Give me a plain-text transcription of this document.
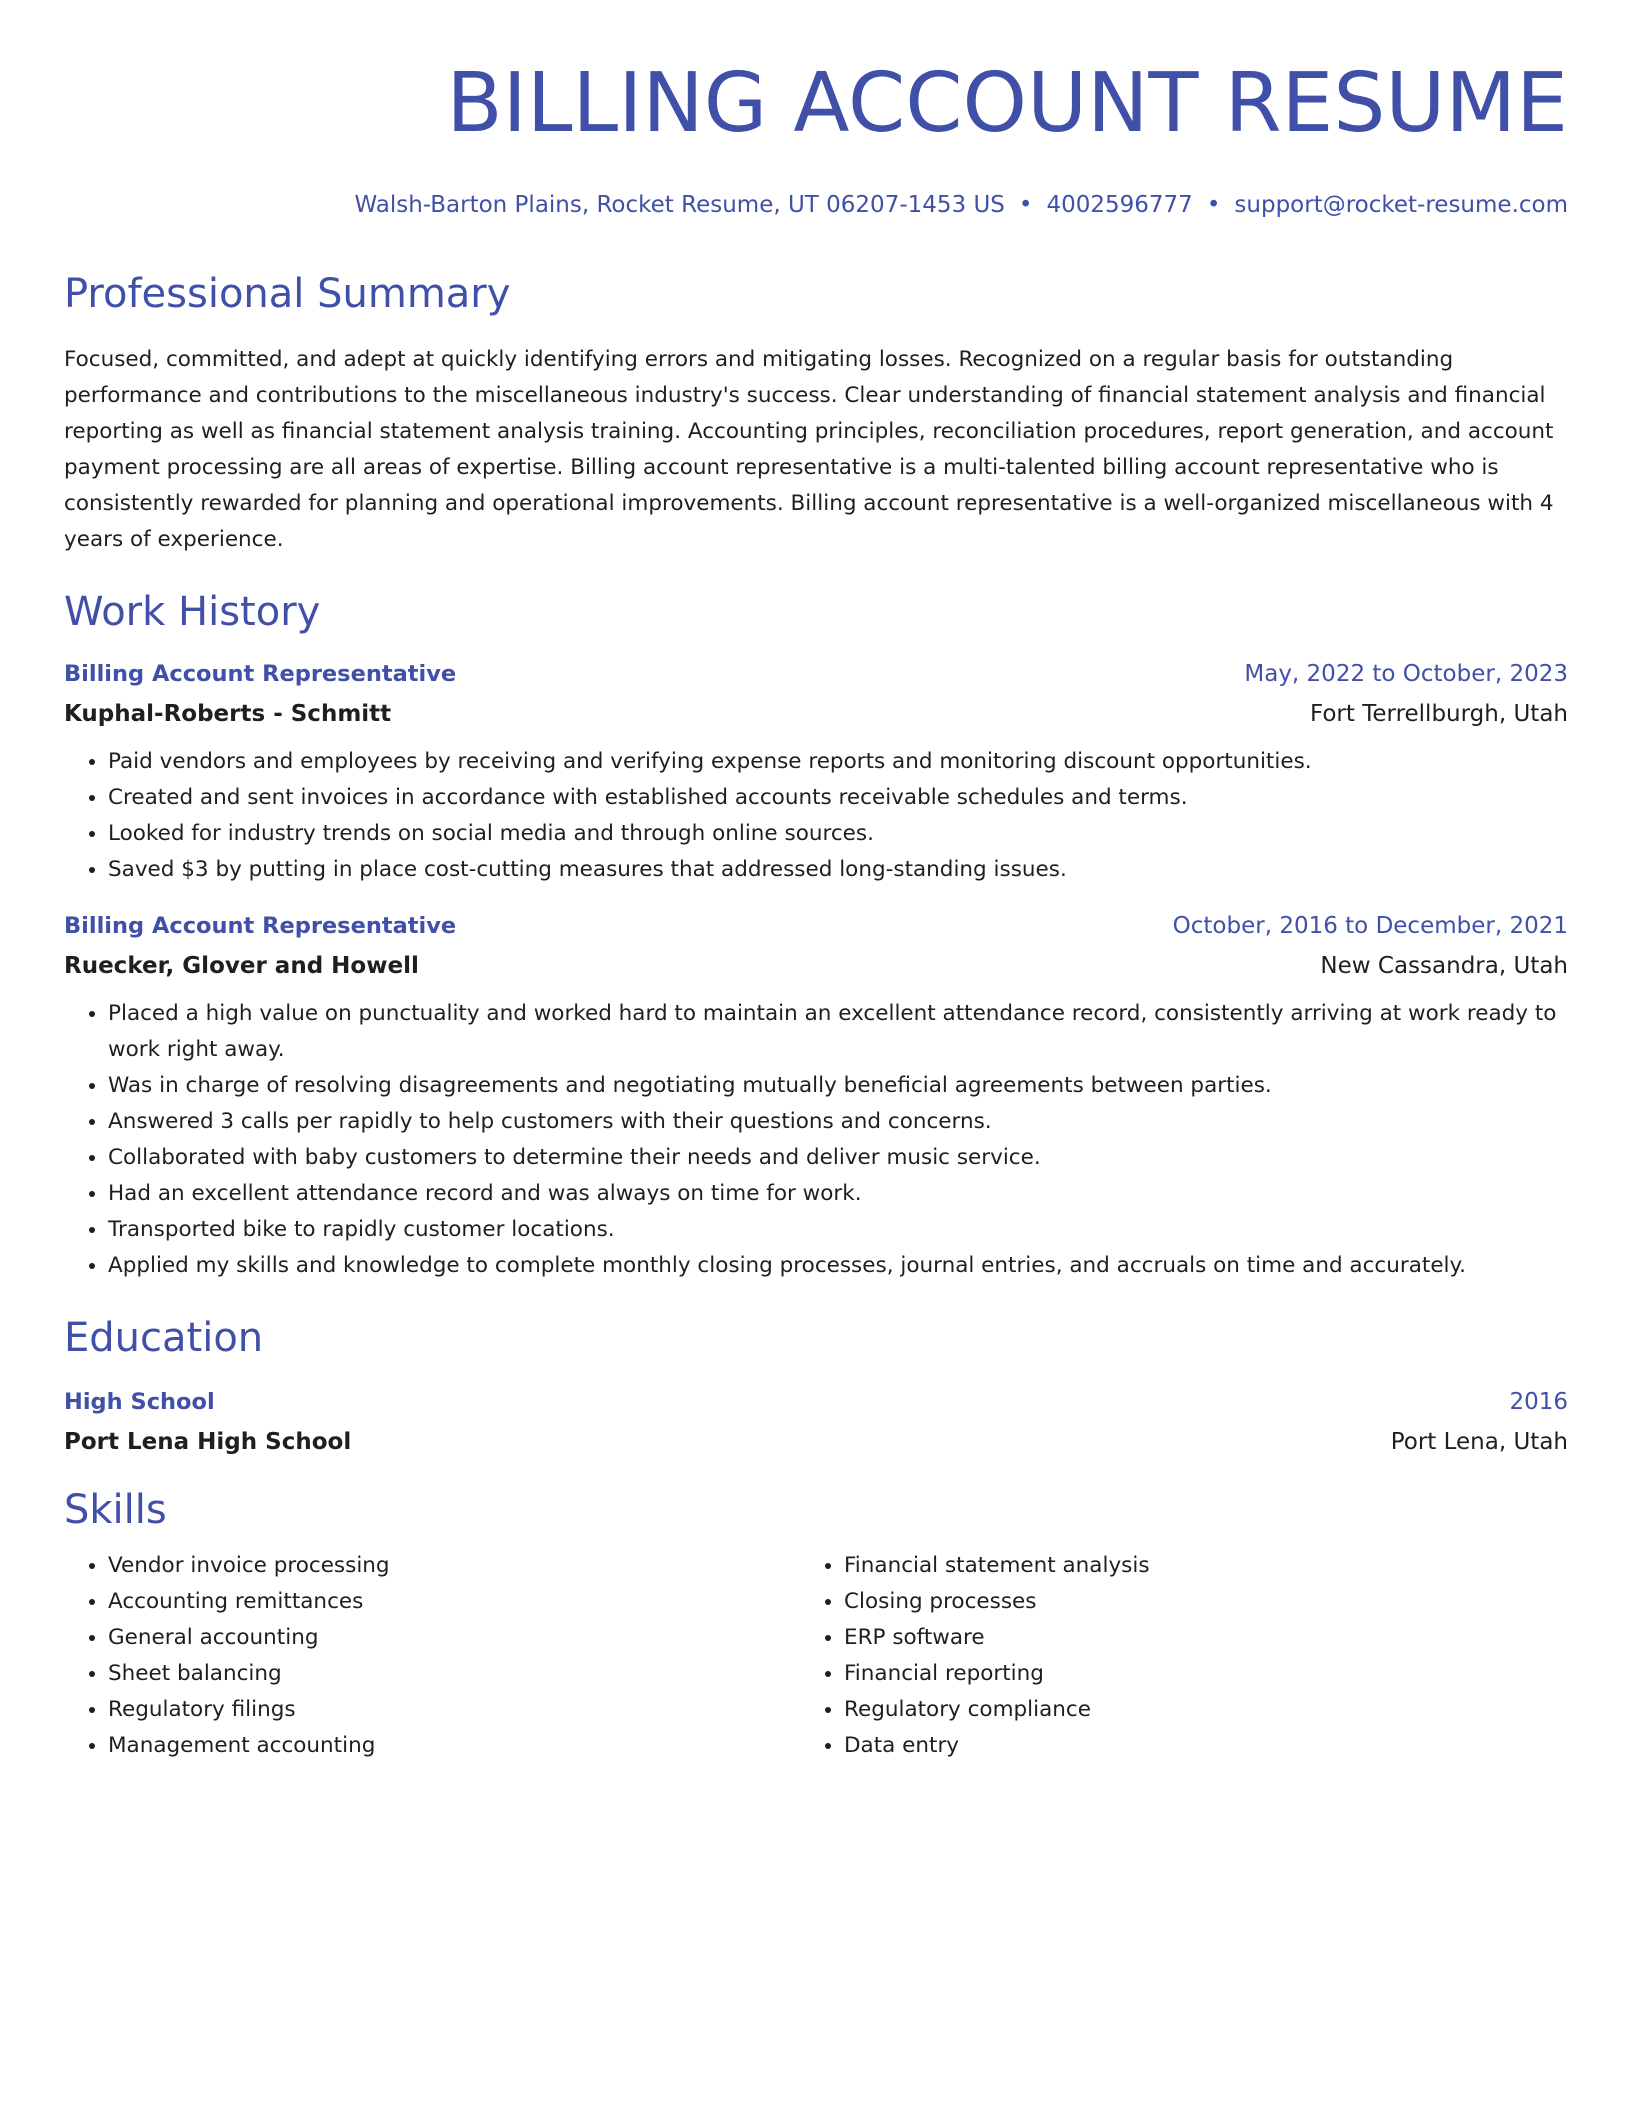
BILLING ACCOUNT RESUME
Walsh-Barton Plains, Rocket Resume, UT 06207-1453 US • 4002596777 • support@rocket-resume.com
Professional Summary

Focused, committed, and adept at quickly identifying errors and mitigating losses. Recognized on a regular basis for outstanding performance and contributions to the miscellaneous industry's success. Clear understanding of financial statement analysis and financial reporting as well as financial statement analysis training. Accounting principles, reconciliation procedures, report generation, and account payment processing are all areas of expertise. Billing account representative is a multi-talented billing account representative who is consistently rewarded for planning and operational improvements. Billing account representative is a well-organized miscellaneous with 4 years of experience.

Work History
Billing Account Representative	May, 2022 to October, 2023
Kuphal-Roberts - Schmitt	Fort Terrellburgh, Utah
• Paid vendors and employees by receiving and verifying expense reports and monitoring discount opportunities.
• Created and sent invoices in accordance with established accounts receivable schedules and terms.
• Looked for industry trends on social media and through online sources.
• Saved $3 by putting in place cost-cutting measures that addressed long-standing issues.
Billing Account Representative	October, 2016 to December, 2021
Ruecker, Glover and Howell	New Cassandra, Utah
• Placed a high value on punctuality and worked hard to maintain an excellent attendance record, consistently arriving at work ready to work right away.
• Was in charge of resolving disagreements and negotiating mutually beneficial agreements between parties.
• Answered 3 calls per rapidly to help customers with their questions and concerns.
• Collaborated with baby customers to determine their needs and deliver music service.
• Had an excellent attendance record and was always on time for work.
• Transported bike to rapidly customer locations.
• Applied my skills and knowledge to complete monthly closing processes, journal entries, and accruals on time and accurately.
Education
High School	2016
Port Lena High School	Port Lena, Utah
Skills
• Vendor invoice processing
• Accounting remittances
• General accounting
• Sheet balancing
• Regulatory filings
• Management accounting
• Financial statement analysis
• Closing processes
• ERP software
• Financial reporting
• Regulatory compliance
• Data entry
